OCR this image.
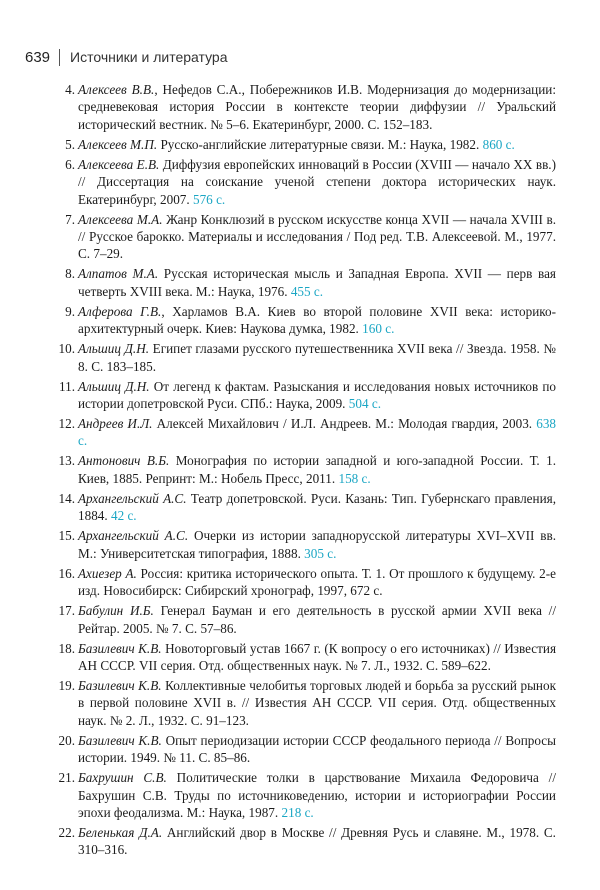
639 Источники и литература
4. Алексеев В.В., Нефедов С.А., Побережников И.В. Модернизация до модернизации: средневековая история России в контексте теории диффузии // Уральский исторический вестник. № 5–6. Екатеринбург, 2000. С. 152–183.
5. Алексеев М.П. Русско-английские литературные связи. М.: Наука, 1982. 860 с.
6. Алексеева Е.В. Диффузия европейских инноваций в России (XVIII — начало XX вв.) // Диссертация на соискание ученой степени доктора исторических наук. Екатеринбург, 2007. 576 с.
7. Алексеева М.А. Жанр Конклюзий в русском искусстве конца XVII — начала XVIII в. // Русское барокко. Материалы и исследования / Под ред. Т.В. Алексеевой. М., 1977. С. 7–29.
8. Алпатов М.А. Русская историческая мысль и Западная Европа. XVII — перв вая четверть XVIII века. М.: Наука, 1976. 455 с.
9. Алферова Г.В., Харламов В.А. Киев во второй половине XVII века: историко-архитектурный очерк. Киев: Наукова думка, 1982. 160 с.
10. Альшиц Д.Н. Египет глазами русского путешественника XVII века // Звезда. 1958. № 8. С. 183–185.
11. Альшиц Д.Н. От легенд к фактам. Разыскания и исследования новых источников по истории допетровской Руси. СПб.: Наука, 2009. 504 с.
12. Андреев И.Л. Алексей Михайлович / И.Л. Андреев. М.: Молодая гвардия, 2003. 638 с.
13. Антонович В.Б. Монография по истории западной и юго-западной России. Т. 1. Киев, 1885. Репринт: М.: Нобель Пресс, 2011. 158 с.
14. Архангельский А.С. Театр допетровской. Руси. Казань: Тип. Губернскаго правления, 1884. 42 с.
15. Архангельский А.С. Очерки из истории западнорусской литературы XVI–XVII вв. М.: Университетская типография, 1888. 305 с.
16. Ахиезер А. Россия: критика исторического опыта. Т. 1. От прошлого к будущему. 2-е изд. Новосибирск: Сибирский хронограф, 1997, 672 с.
17. Бабулин И.Б. Генерал Бауман и его деятельность в русской армии XVII века // Рейтар. 2005. № 7. С. 57–86.
18. Базилевич К.В. Новоторговый устав 1667 г. (К вопросу о его источниках) // Известия АН СССР. VII серия. Отд. общественных наук. № 7. Л., 1932. С. 589–622.
19. Базилевич К.В. Коллективные челобитья торговых людей и борьба за русский рынок в первой половине XVII в. // Известия АН СССР. VII серия. Отд. общественных наук. № 2. Л., 1932. С. 91–123.
20. Базилевич К.В. Опыт периодизации истории СССР феодального периода // Вопросы истории. 1949. № 11. С. 85–86.
21. Бахрушин С.В. Политические толки в царствование Михаила Федоровича // Бахрушин С.В. Труды по источниковедению, истории и историографии России эпохи феодализма. М.: Наука, 1987. 218 с.
22. Беленькая Д.А. Английский двор в Москве // Древняя Русь и славяне. М., 1978. С. 310–316.
